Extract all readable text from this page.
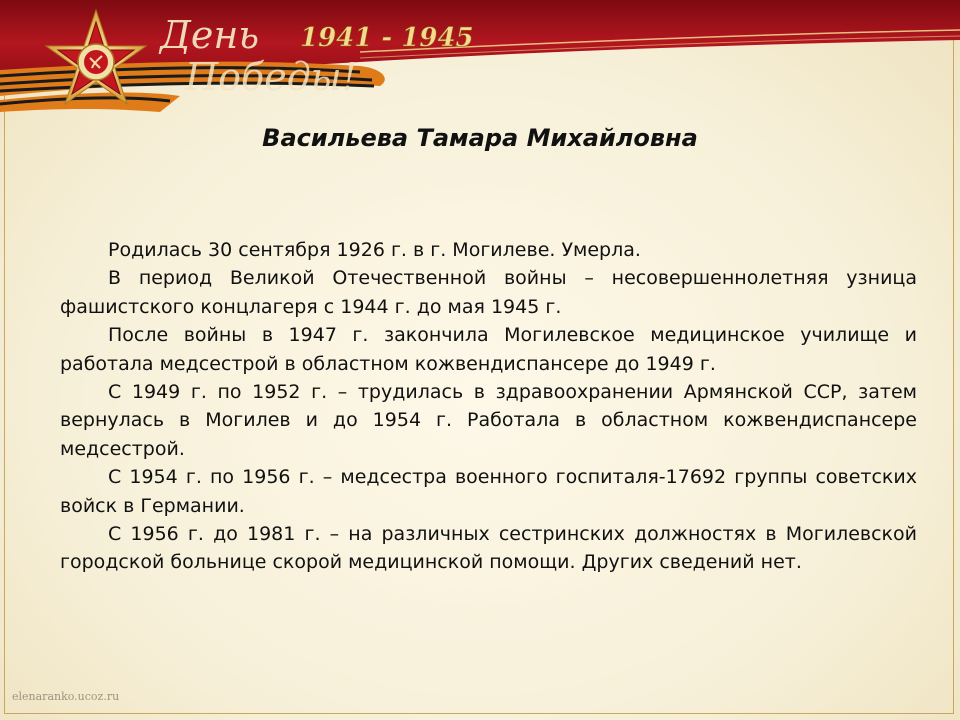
День
Победы!
1941 - 1945
Васильева Тамара Михайловна

Родилась 30 сентября 1926 г. в г. Могилеве. Умерла.

В период Великой Отечественной войны – несовершеннолетняя узница фашистского концлагеря с 1944 г. до мая 1945 г.

После войны в 1947 г. закончила Могилевское медицинское училище и работала медсестрой в областном кожвендиспансере до 1949 г.

С 1949 г. по 1952 г. – трудилась в здравоохранении Армянской ССР, затем вернулась в Могилев и до 1954 г. Работала в областном кожвендиспансере медсестрой.

С 1954 г. по 1956 г. – медсестра военного госпиталя-17692 группы советских войск в Германии.

С 1956 г. до 1981 г. – на различных сестринских должностях в Могилевской городской больнице скорой медицинской помощи. Других сведений нет.

elenaranko.ucoz.ru
